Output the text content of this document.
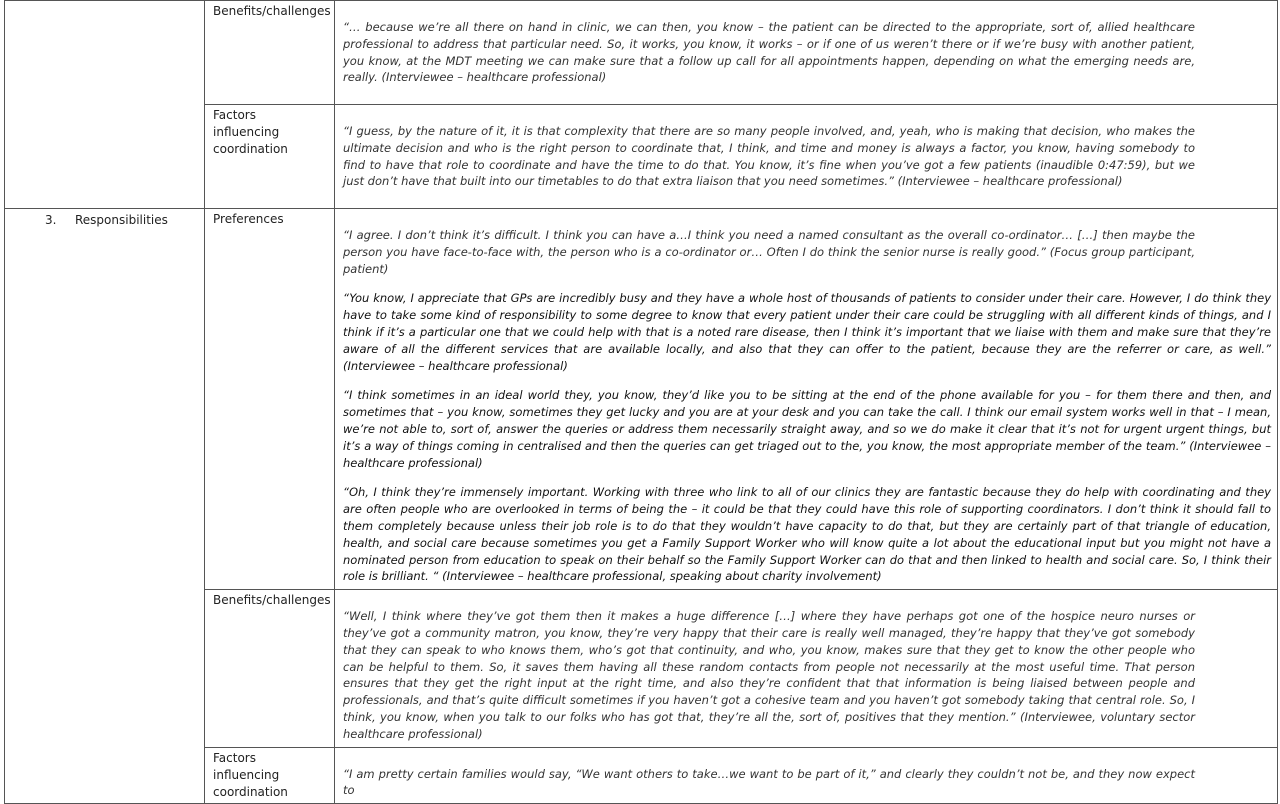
	Benefits/challenges	“… because we’re all there on hand in clinic, we can then, you know – the patient can be directed to the appropriate, sort of, allied healthcare professional to address that particular need. So, it works, you know, it works – or if one of us weren’t there or if we’re busy with another patient, you know, at the MDT meeting we can make sure that a follow up call for all appointments happen, depending on what the emerging needs are, really. (Interviewee – healthcare professional)

	Factors influencing coordination	“I guess, by the nature of it, it is that complexity that there are so many people involved, and, yeah, who is making that decision, who makes the ultimate decision and who is the right person to coordinate that, I think, and time and money is always a factor, you know, having somebody to find to have that role to coordinate and have the time to do that. You know, it’s fine when you’ve got a few patients (inaudible 0:47:59), but we just don’t have that built into our timetables to do that extra liaison that you need sometimes.” (Interviewee – healthcare professional)

3. Responsibilities	Preferences	“I agree. I don’t think it’s difficult. I think you can have a…I think you need a named consultant as the overall co-ordinator… […] then maybe the person you have face-to-face with, the person who is a co-ordinator or… Often I do think the senior nurse is really good.” (Focus group participant, patient)

“You know, I appreciate that GPs are incredibly busy and they have a whole host of thousands of patients to consider under their care. However, I do think they have to take some kind of responsibility to some degree to know that every patient under their care could be struggling with all different kinds of things, and I think if it’s a particular one that we could help with that is a noted rare disease, then I think it’s important that we liaise with them and make sure that they’re aware of all the different services that are available locally, and also that they can offer to the patient, because they are the referrer or care, as well.” (Interviewee – healthcare professional)

“I think sometimes in an ideal world they, you know, they’d like you to be sitting at the end of the phone available for you – for them there and then, and sometimes that – you know, sometimes they get lucky and you are at your desk and you can take the call. I think our email system works well in that – I mean, we’re not able to, sort of, answer the queries or address them necessarily straight away, and so we do make it clear that it’s not for urgent urgent things, but it’s a way of things coming in centralised and then the queries can get triaged out to the, you know, the most appropriate member of the team.” (Interviewee – healthcare professional)

“Oh, I think they’re immensely important. Working with three who link to all of our clinics they are fantastic because they do help with coordinating and they are often people who are overlooked in terms of being the – it could be that they could have this role of supporting coordinators. I don’t think it should fall to them completely because unless their job role is to do that they wouldn’t have capacity to do that, but they are certainly part of that triangle of education, health, and social care because sometimes you get a Family Support Worker who will know quite a lot about the educational input but you might not have a nominated person from education to speak on their behalf so the Family Support Worker can do that and then linked to health and social care. So, I think their role is brilliant. “ (Interviewee – healthcare professional, speaking about charity involvement)

	Benefits/challenges	“Well, I think where they’ve got them then it makes a huge difference […] where they have perhaps got one of the hospice neuro nurses or they’ve got a community matron, you know, they’re very happy that their care is really well managed, they’re happy that they’ve got somebody that they can speak to who knows them, who’s got that continuity, and who, you know, makes sure that they get to know the other people who can be helpful to them. So, it saves them having all these random contacts from people not necessarily at the most useful time. That person ensures that they get the right input at the right time, and also they’re confident that that information is being liaised between people and professionals, and that’s quite difficult sometimes if you haven’t got a cohesive team and you haven’t got somebody taking that central role. So, I think, you know, when you talk to our folks who has got that, they’re all the, sort of, positives that they mention.” (Interviewee, voluntary sector healthcare professional)

	Factors influencing coordination	“I am pretty certain families would say, “We want others to take…we want to be part of it,” and clearly they couldn’t not be, and they now expect to
